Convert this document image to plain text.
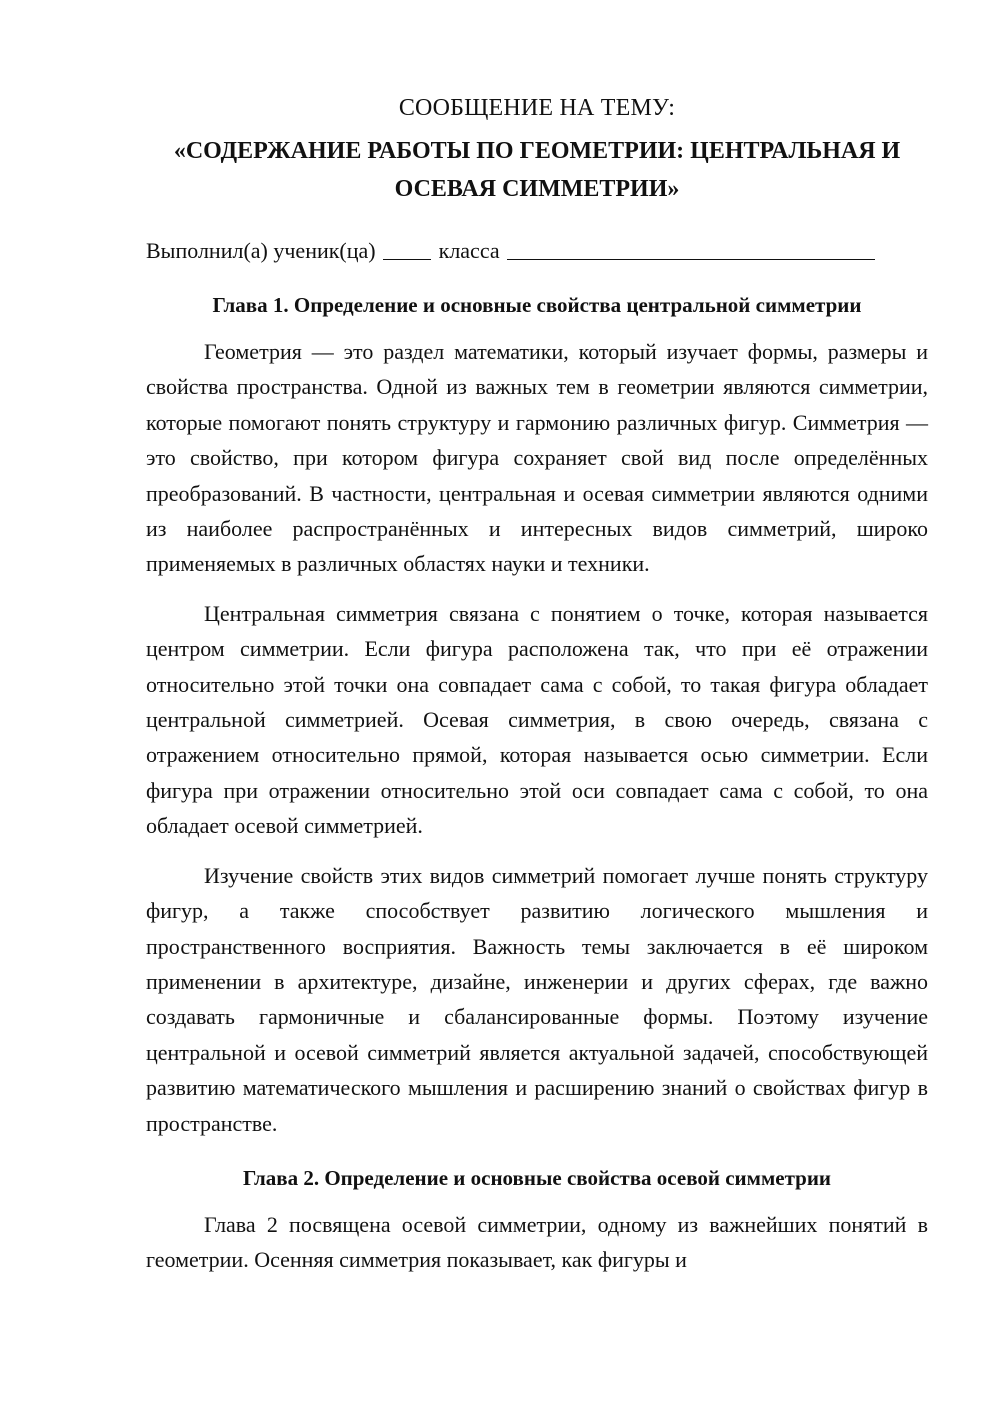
СООБЩЕНИЕ НА ТЕМУ:

«СОДЕРЖАНИЕ РАБОТЫ ПО ГЕОМЕТРИИ: ЦЕНТРАЛЬНАЯ И
ОСЕВАЯ СИММЕТРИИ»

Выполнил(а) ученик(ца)	класса

Глава 1. Определение и основные свойства центральной симметрии

Геометрия — это раздел математики, который изучает формы, размеры и свойства пространства. Одной из важных тем в геометрии являются симметрии, которые помогают понять структуру и гармонию различных фигур. Симметрия — это свойство, при котором фигура сохраняет свой вид после определённых преобразований. В частности, центральная и осевая симметрии являются одними из наиболее распространённых и интересных видов симметрий, широко применяемых в различных областях науки и техники.

Центральная симметрия связана с понятием о точке, которая называется центром симметрии. Если фигура расположена так, что при её отражении относительно этой точки она совпадает сама с собой, то такая фигура обладает центральной симметрией. Осевая симметрия, в свою очередь, связана с отражением относительно прямой, которая называется осью симметрии. Если фигура при отражении относительно этой оси совпадает сама с собой, то она обладает осевой симметрией.

Изучение свойств этих видов симметрий помогает лучше понять структуру фигур, а также способствует развитию логического мышления и пространственного восприятия. Важность темы заключается в её широком применении в архитектуре, дизайне, инженерии и других сферах, где важно создавать гармоничные и сбалансированные формы. Поэтому изучение центральной и осевой симметрий является актуальной задачей, способствующей развитию математического мышления и расширению знаний о свойствах фигур в пространстве.

Глава 2. Определение и основные свойства осевой симметрии

Глава 2 посвящена осевой симметрии, одному из важнейших понятий в геометрии. Осенняя симметрия показывает, как фигуры и
